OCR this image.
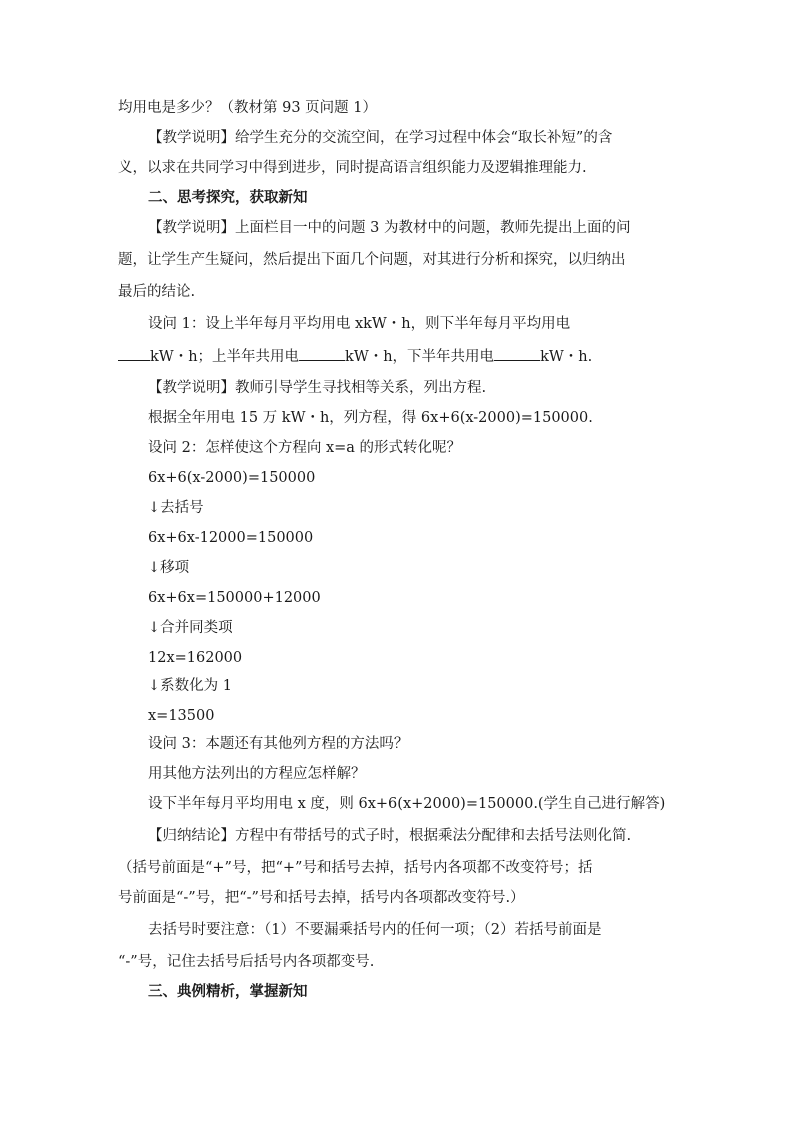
均用电是多少？（教材第 93 页问题 1）
【教学说明】给学生充分的交流空间，在学习过程中体会“取长补短”的含
义，以求在共同学习中得到进步，同时提高语言组织能力及逻辑推理能力.
二、思考探究，获取新知
【教学说明】上面栏目一中的问题 3 为教材中的问题，教师先提出上面的问
题，让学生产生疑问，然后提出下面几个问题，对其进行分析和探究，以归纳出
最后的结论.
设问 1：设上半年每月平均用电 xkW・h，则下半年每月平均用电
kW・h；上半年共用电	kW・h，下半年共用电	kW・h.
【教学说明】教师引导学生寻找相等关系，列出方程.
根据全年用电 15 万 kW・h，列方程，得 6x+6(x-2000)=150000.
设问 2：怎样使这个方程向 x=a 的形式转化呢？
6x+6(x-2000)=150000
↓去括号
6x+6x-12000=150000
↓移项
6x+6x=150000+12000
↓合并同类项
12x=162000
↓系数化为 1
x=13500
设问 3：本题还有其他列方程的方法吗？
用其他方法列出的方程应怎样解？
设下半年每月平均用电 x 度，则 6x+6(x+2000)=150000.(学生自己进行解答)
【归纳结论】方程中有带括号的式子时，根据乘法分配律和去括号法则化简.
（括号前面是“+”号，把“+”号和括号去掉，括号内各项都不改变符号；括
号前面是“-”号，把“-”号和括号去掉，括号内各项都改变符号.）
去括号时要注意：（1）不要漏乘括号内的任何一项；（2）若括号前面是
“-”号，记住去括号后括号内各项都变号.
三、典例精析，掌握新知
